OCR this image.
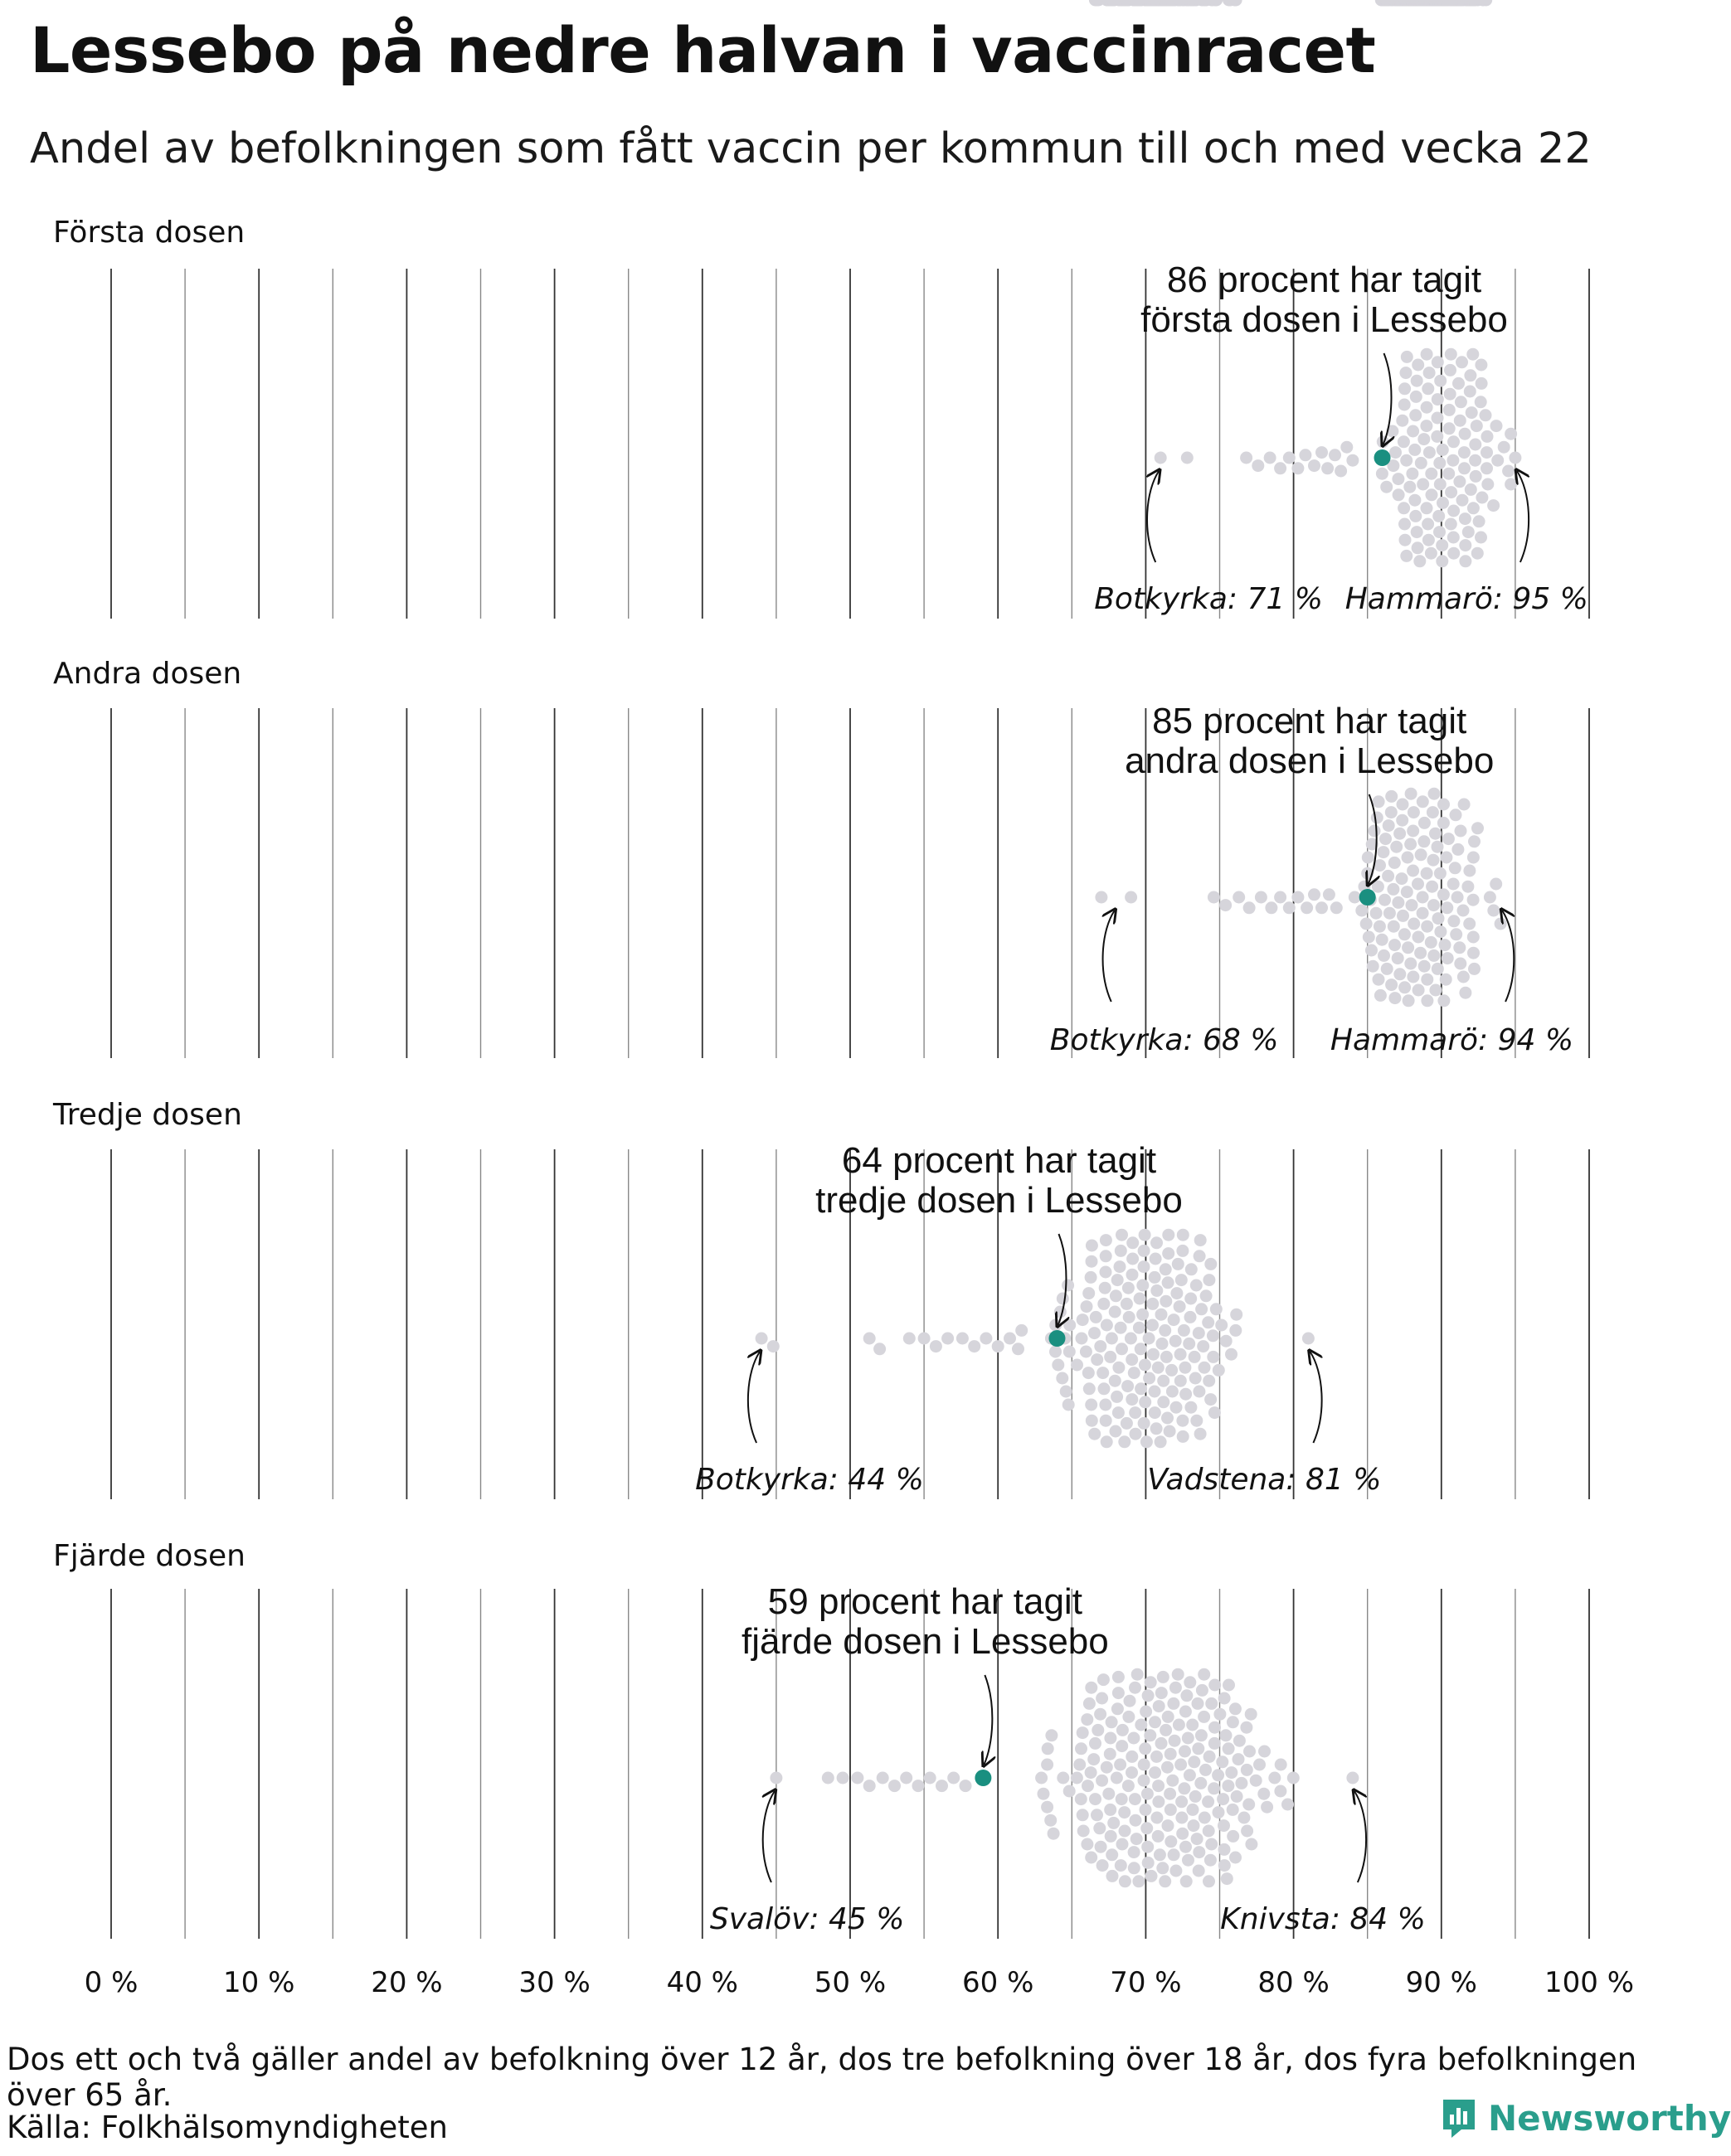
Lessebo på nedre halvan i vaccinracet

Andel av befolkningen som fått vaccin per kommun till och med vecka 22

Första dosen
86 procent har tagit
första dosen i Lessebo
Botkyrka: 71 % Hammarö: 95 %
Andra dosen
85 procent har tagit
andra dosen i Lessebo
Botkyrka: 68 % Hammarö: 94 %
Tredje dosen
64 procent har tagit
tredje dosen i Lessebo
Botkyrka: 44 %	Vadstena: 81 %
Fjärde dosen
59 procent har tagit
fjärde dosen i Lessebo
Svalöv: 45 %	Knivsta: 84 %
0 %	10 %	20 %	30 %	40 %	50 %	60 %	70 %	80 %	90 % 100 %
Dos ett och två gäller andel av befolkning över 12 år, dos tre befolkning över 18 år, dos fyra befolkningen över 65 år.
Källa: Folkhälsomyndigheten	Newsworthy
